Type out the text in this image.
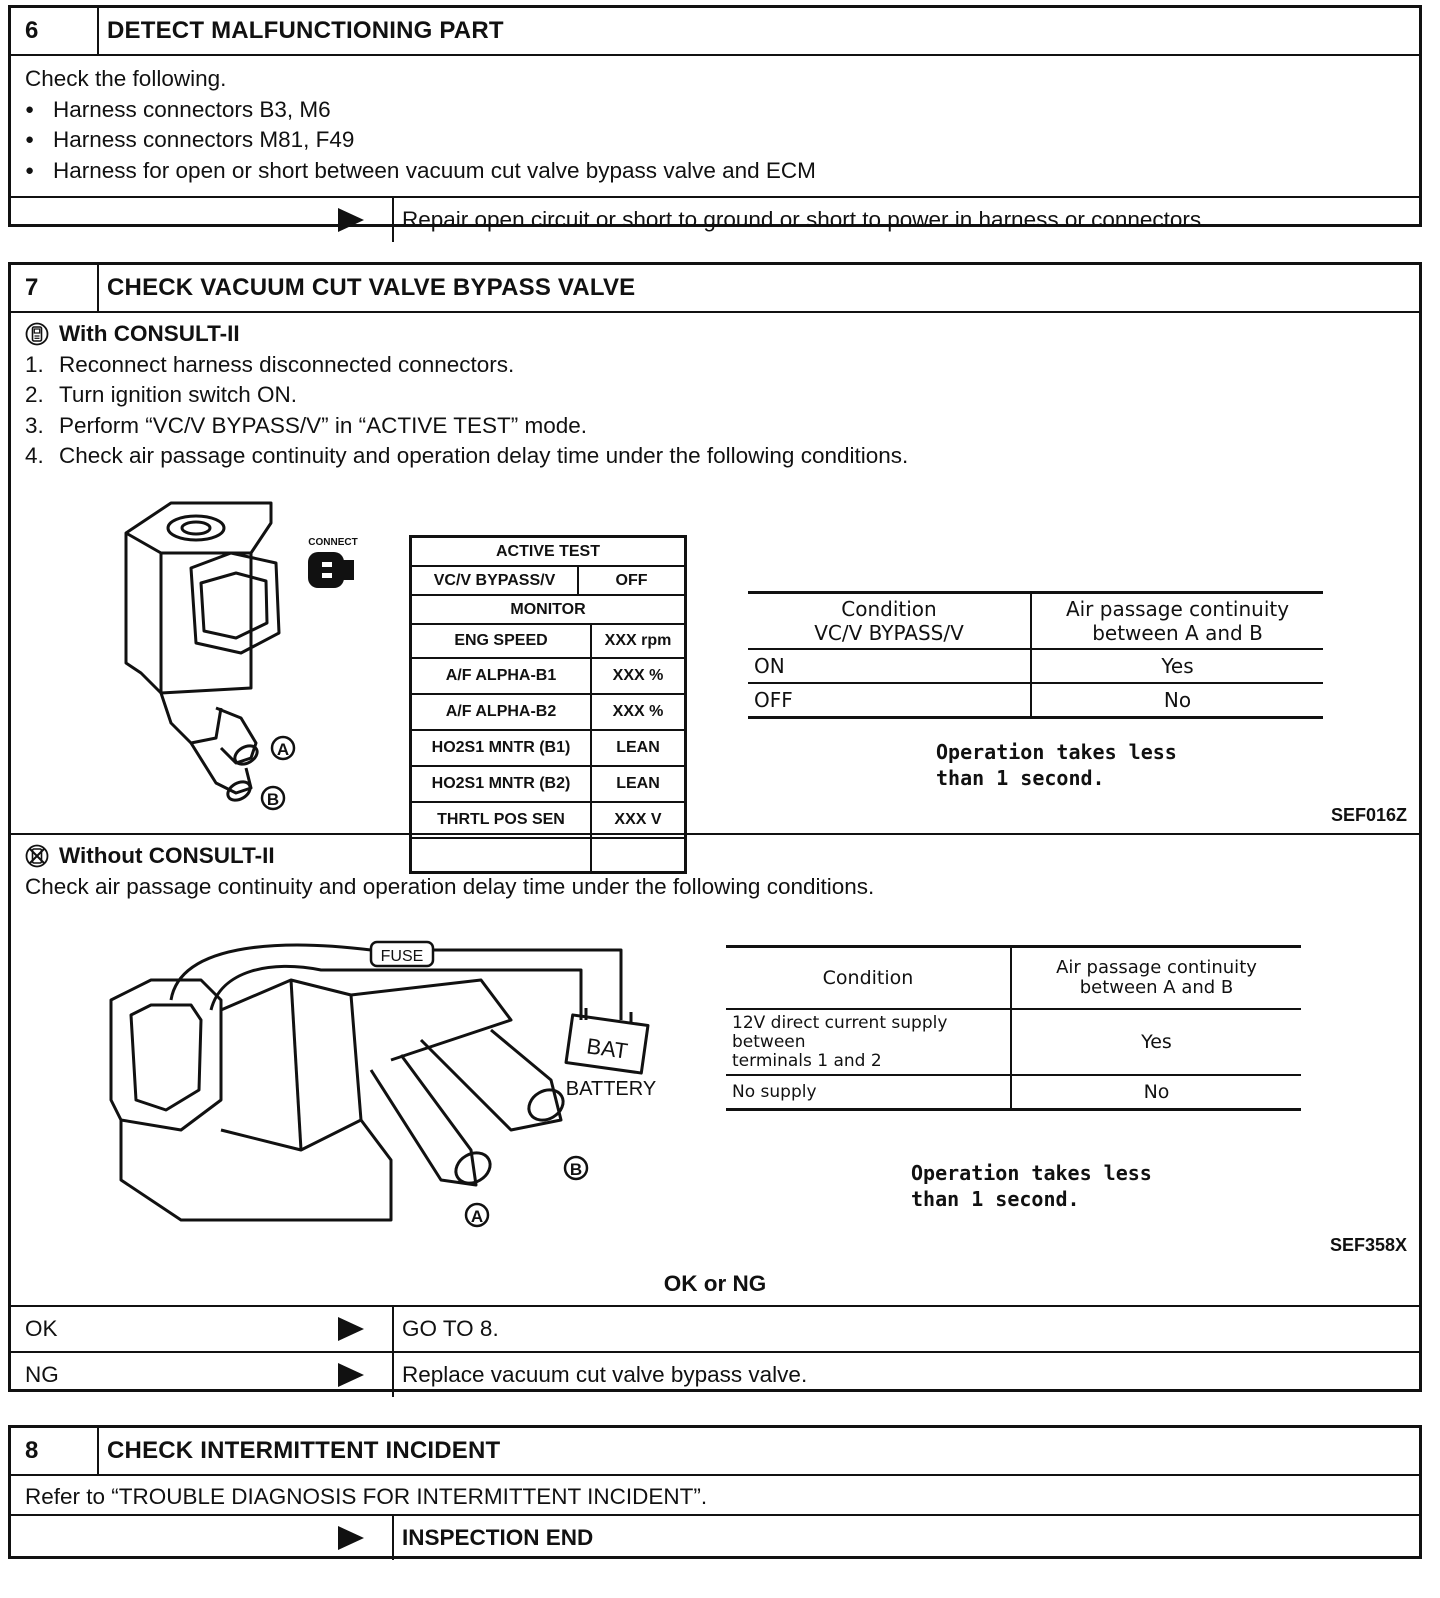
6	DETECT MALFUNCTIONING PART

Check the following.

● Harness connectors B3, M6

● Harness connectors M81, F49

● Harness for open or short between vacuum cut valve bypass valve and ECM

Repair open circuit or short to ground or short to power in harness or connectors.
7	CHECK VACUUM CUT VALVE BYPASS VALVE

With CONSULT-II

1. Reconnect harness disconnected connectors.

2. Turn ignition switch ON.

3. Perform “VC/V BYPASS/V” in “ACTIVE TEST” mode.

4. Check air passage continuity and operation delay time under the following conditions.

A
B
CONNECT	ACTIVE TEST
VC/V BYPASS/V	OFF
MONITOR
ENG SPEED	XXX rpm
A/F ALPHA-B1	XXX %
A/F ALPHA-B2	XXX %
HO2S1 MNTR (B1)	LEAN
HO2S1 MNTR (B2)	LEAN
THRTL POS SEN	XXX V
Condition
VC/V BYPASS/V	Air passage continuity
between A and B
ON	Yes
OFF	No
Operation takes less
than 1 second.
SEF016Z

Without CONSULT-II

Check air passage continuity and operation delay time under the following conditions.

FUSE
BAT
BATTERY
A
B
Condition	Air passage continuity
between A and B
12V direct current supply between
terminals 1 and 2	Yes
No supply	No
Operation takes less
than 1 second.
SEF358X
OK or NG
OK	GO TO 8.
NG	Replace vacuum cut valve bypass valve.
8	CHECK INTERMITTENT INCIDENT

Refer to “TROUBLE DIAGNOSIS FOR INTERMITTENT INCIDENT”.

INSPECTION END
